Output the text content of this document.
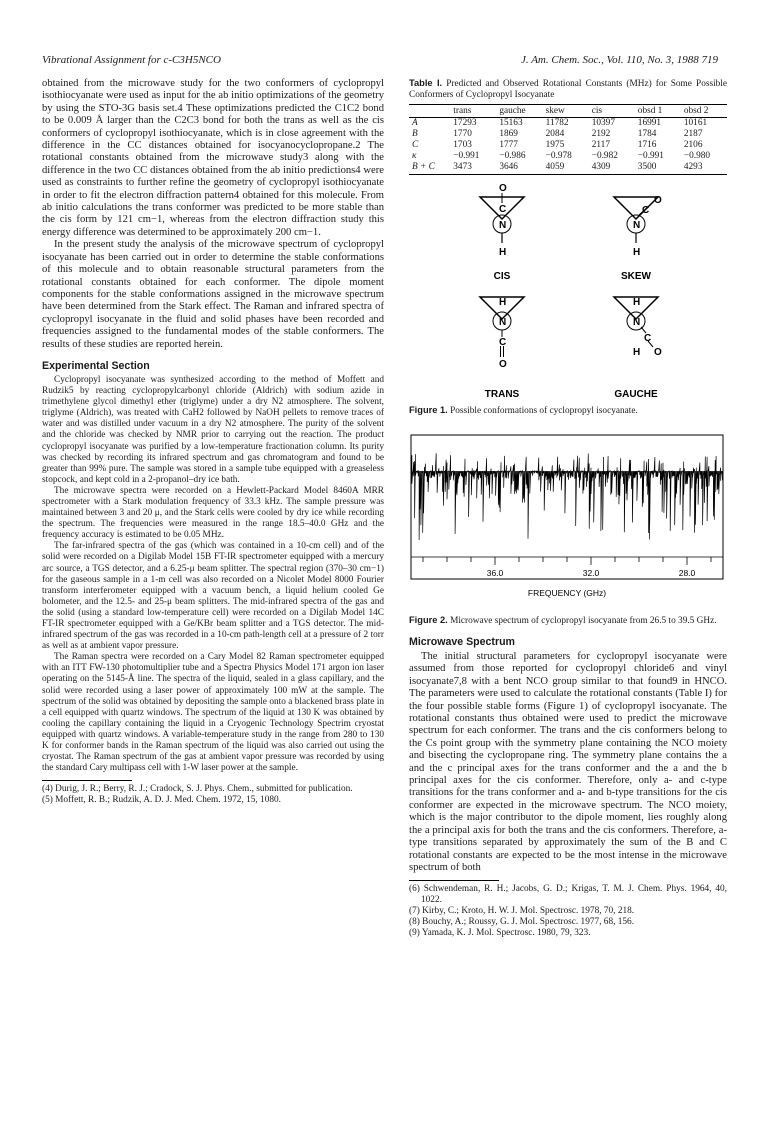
Vibrational Assignment for c-C3H5NCO	J. Am. Chem. Soc., Vol. 110, No. 3, 1988 719

obtained from the microwave study for the two conformers of cyclopropyl isothiocyanate were used as input for the ab initio optimizations of the geometry by using the STO-3G basis set.4 These optimizations predicted the C1C2 bond to be 0.009 Å larger than the C2C3 bond for both the trans as well as the cis conformers of cyclopropyl isothiocyanate, which is in close agreement with the difference in the CC distances obtained for isocyanocyclopropane.2 The rotational constants obtained from the microwave study3 along with the difference in the two CC distances obtained from the ab initio predictions4 were used as constraints to further refine the geometry of cyclopropyl isothiocyanate in order to fit the electron diffraction pattern4 obtained for this molecule. From ab initio calculations the trans conformer was predicted to be more stable than the cis form by 121 cm−1, whereas from the electron diffraction study this energy difference was determined to be approximately 200 cm−1.

In the present study the analysis of the microwave spectrum of cyclopropyl isocyanate has been carried out in order to determine the stable conformations of this molecule and to obtain reasonable structural parameters from the rotational constants obtained for each conformer. The dipole moment components for the stable conformations assigned in the microwave spectrum have been determined from the Stark effect. The Raman and infrared spectra of cyclopropyl isocyanate in the fluid and solid phases have been recorded and frequencies assigned to the fundamental modes of the stable conformers. The results of these studies are reported herein.

Experimental Section

Cyclopropyl isocyanate was synthesized according to the method of Moffett and Rudzik5 by reacting cyclopropylcarbonyl chloride (Aldrich) with sodium azide in trimethylene glycol dimethyl ether (triglyme) under a dry N2 atmosphere. The solvent, triglyme (Aldrich), was treated with CaH2 followed by NaOH pellets to remove traces of water and was distilled under vacuum in a dry N2 atmosphere. The purity of the solvent and the chloride was checked by NMR prior to carrying out the reaction. The product cyclopropyl isocyanate was purified by a low-temperature fractionation column. Its purity was checked by recording its infrared spectrum and gas chromatogram and found to be greater than 99% pure. The sample was stored in a sample tube equipped with a greaseless stopcock, and kept cold in a 2-propanol–dry ice bath.

The microwave spectra were recorded on a Hewlett-Packard Model 8460A MRR spectrometer with a Stark modulation frequency of 33.3 kHz. The sample pressure was maintained between 3 and 20 μ, and the Stark cells were cooled by dry ice while recording the spectrum. The frequencies were measured in the range 18.5–40.0 GHz and the frequency accuracy is estimated to be 0.05 MHz.

The far-infrared spectra of the gas (which was contained in a 10-cm cell) and of the solid were recorded on a Digilab Model 15B FT-IR spectrometer equipped with a mercury arc source, a TGS detector, and a 6.25-μ beam splitter. The spectral region (370–30 cm−1) for the gaseous sample in a 1-m cell was also recorded on a Nicolet Model 8000 Fourier transform interferometer equipped with a vacuum bench, a liquid helium cooled Ge bolometer, and the 12.5- and 25-μ beam splitters. The mid-infrared spectra of the gas and the solid (using a standard low-temperature cell) were recorded on a Digilab Model 14C FT-IR spectrometer equipped with a Ge/KBr beam splitter and a TGS detector. The mid-infrared spectrum of the gas was recorded in a 10-cm path-length cell at a pressure of 2 torr as well as at ambient vapor pressure.

The Raman spectra were recorded on a Cary Model 82 Raman spectrometer equipped with an ITT FW-130 photomultiplier tube and a Spectra Physics Model 171 argon ion laser operating on the 5145-Å line. The spectra of the liquid, sealed in a glass capillary, and the solid were recorded using a laser power of approximately 100 mW at the sample. The spectrum of the solid was obtained by depositing the sample onto a blackened brass plate in a cell equipped with quartz windows. The spectrum of the liquid at 130 K was obtained by cooling the capillary containing the liquid in a Cryogenic Technology Spectrim cryostat equipped with quartz windows. A variable-temperature study in the range from 280 to 130 K for conformer bands in the Raman spectrum of the liquid was also carried out using the cryostat. The Raman spectrum of the gas at ambient vapor pressure was recorded by using the standard Cary multipass cell with 1-W laser power at the sample.

(4) Durig, J. R.; Berry, R. J.; Cradock, S. J. Phys. Chem., submitted for publication.

(5) Moffett, R. B.; Rudzik, A. D. J. Med. Chem. 1972, 15, 1080.

Table I. Predicted and Observed Rotational Constants (MHz) for Some Possible Conformers of Cyclopropyl Isocyanate

	trans	gauche	skew	cis	obsd 1	obsd 2
A	17293	15163	11782	10397	16991	10161
B	1770	1869	2084	2192	1784	2187
C	1703	1777	1975	2117	1716	2106
κ	−0.991	−0.986	−0.978	−0.982	−0.991	−0.980
B + C	3473	3646	4059	4309	3500	4293
O
C
N
H
CIS
O
C
N
H
SKEW
H
N
C
O
TRANS
H
N
C
O
H
GAUCHE

Figure 1. Possible conformations of cyclopropyl isocyanate.

36.0	32.0	28.0
FREQUENCY (GHz)

Figure 2. Microwave spectrum of cyclopropyl isocyanate from 26.5 to 39.5 GHz.

Microwave Spectrum

The initial structural parameters for cyclopropyl isocyanate were assumed from those reported for cyclopropyl chloride6 and vinyl isocyanate7,8 with a bent NCO group similar to that found9 in HNCO. The parameters were used to calculate the rotational constants (Table I) for the four possible stable forms (Figure 1) of cyclopropyl isocyanate. The rotational constants thus obtained were used to predict the microwave spectrum for each conformer. The trans and the cis conformers belong to the Cs point group with the symmetry plane containing the NCO moiety and bisecting the cyclopropane ring. The symmetry plane contains the a and the c principal axes for the trans conformer and the a and the b principal axes for the cis conformer. Therefore, only a- and c-type transitions for the trans conformer and a- and b-type transitions for the cis conformer are expected in the microwave spectrum. The NCO moiety, which is the major contributor to the dipole moment, lies roughly along the a principal axis for both the trans and the cis conformers. Therefore, a-type transitions separated by approximately the sum of the B and C rotational constants are expected to be the most intense in the microwave spectrum of both

(6) Schwendeman, R. H.; Jacobs, G. D.; Krigas, T. M. J. Chem. Phys. 1964, 40, 1022.

(7) Kirby, C.; Kroto, H. W. J. Mol. Spectrosc. 1978, 70, 218.

(8) Bouchy, A.; Roussy, G. J. Mol. Spectrosc. 1977, 68, 156.

(9) Yamada, K. J. Mol. Spectrosc. 1980, 79, 323.
